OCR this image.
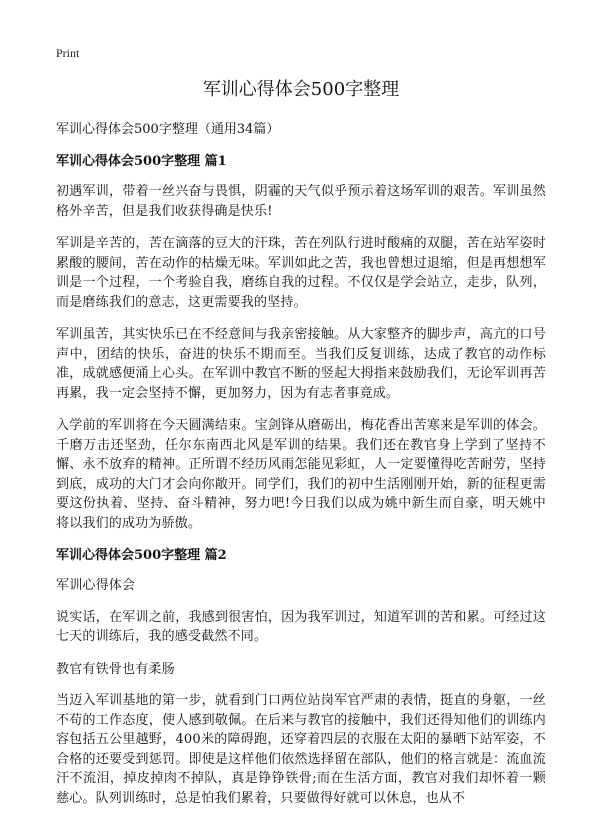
Print
军训心得体会500字整理
军训心得体会500字整理（通用34篇）
军训心得体会500字整理 篇1

初遇军训，带着一丝兴奋与畏惧，阴霾的天气似乎预示着这场军训的艰苦。军训虽然格外辛苦，但是我们收获得确是快乐!

军训是辛苦的，苦在滴落的豆大的汗珠，苦在列队行进时酸痛的双腿，苦在站军姿时累酸的腰间，苦在动作的枯燥无味。军训如此之苦，我也曾想过退缩，但是再想想军训是一个过程，一个考验自我，磨练自我的过程。不仅仅是学会站立，走步，队列，而是磨练我们的意志，这更需要我的坚持。

军训虽苦，其实快乐已在不经意间与我亲密接触。从大家整齐的脚步声，高亢的口号声中，团结的快乐，奋进的快乐不期而至。当我们反复训练，达成了教官的动作标准，成就感便涌上心头。在军训中教官不断的竖起大拇指来鼓励我们，无论军训再苦再累，我一定会坚持不懈，更加努力，因为有志者事竟成。

入学前的军训将在今天圆满结束。宝剑锋从磨砺出，梅花香出苦寒来是军训的体会。千磨万击还坚劲，任尔东南西北风是军训的结果。我们还在教官身上学到了坚持不懈、永不放弃的精神。正所谓不经历风雨怎能见彩虹，人一定要懂得吃苦耐劳，坚持到底，成功的大门才会向你敞开。同学们，我们的初中生活刚刚开始，新的征程更需要这份执着、坚持、奋斗精神，努力吧!今日我们以成为姚中新生而自豪，明天姚中将以我们的成功为骄傲。

军训心得体会500字整理 篇2

军训心得体会

说实话，在军训之前，我感到很害怕，因为我军训过，知道军训的苦和累。可经过这七天的训练后，我的感受截然不同。

教官有铁骨也有柔肠

当迈入军训基地的第一步，就看到门口两位站岗军官严肃的表情，挺直的身躯，一丝不苟的工作态度，使人感到敬佩。在后来与教官的接触中，我们还得知他们的训练内容包括五公里越野，400米的障碍跑，还穿着四层的衣服在太阳的暴晒下站军姿，不合格的还要受到惩罚。即使是这样他们依然选择留在部队，他们的格言就是：流血流汗不流泪，掉皮掉肉不掉队，真是铮铮铁骨;而在生活方面，教官对我们却怀着一颗慈心。队列训练时，总是怕我们累着，只要做得好就可以休息，也从不
